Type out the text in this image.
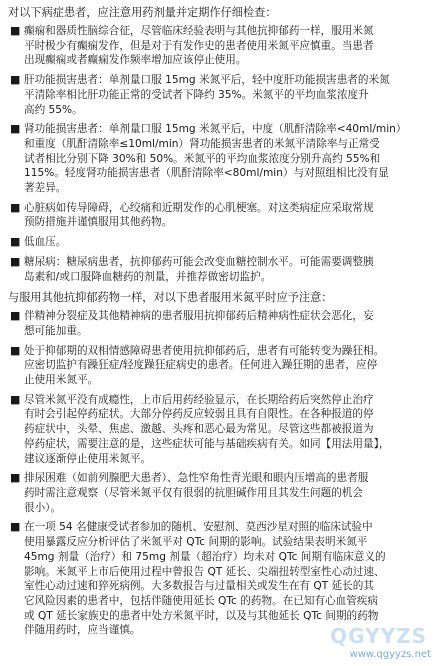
对以下病症患者，应注意用药剂量并定期作仔细检查：

■ 癫痫和器质性脑综合征，尽管临床经验表明与其他抗抑郁药一样，服用米氮
平时极少有癫痫发作，但是对于有发作史的患者使用米氮平应慎重。当患者
出现癫痫或者癫痫发作频率增加应该停止使用。
■ 肝功能损害患者：单剂量口服 15mg 米氮平后，轻中度肝功能损害患者的米氮
平清除率相比肝功能正常的受试者下降约 35%。米氮平的平均血浆浓度升
高约 55%。
■ 肾功能损害患者：单剂量口服 15mg 米氮平后，中度（肌酐清除率<40ml/min）
和重度（肌酐清除率≤10ml/min）肾功能损害患者的米氮平清除率与正常受
试者相比分别下降 30%和 50%。米氮平的平均血浆浓度分别升高约 55%和
115%。轻度肾功能损害患者（肌酐清除率<80ml/min）与对照组相比没有显
著差异。
■ 心脏病如传导障碍，心绞痛和近期发作的心肌梗塞。对这类病症应采取常规
预防措施并谨慎服用其他药物。
■ 低血压。
■ 糖尿病：糖尿病患者，抗抑郁药可能会改变血糖控制水平。可能需要调整胰
岛素和/或口服降血糖药的剂量，并推荐做密切监护。

与服用其他抗抑郁药物一样，对以下患者服用米氮平时应予注意：

■ 伴精神分裂症及其他精神病的患者服用抗抑郁药后精神病性症状会恶化，妄
想可能加重。
■ 处于抑郁期的双相情感障碍患者使用抗抑郁药后，患者有可能转变为躁狂相。
应密切监护有躁狂症/轻度躁狂症病史的患者。任何进入躁狂期的患者，应停
止使用米氮平。
■ 尽管米氮平没有成瘾性，上市后用药经验显示，在长期给药后突然停止治疗
有时会引起停药症状。大部分停药反应较弱且具有自限性。在各种报道的停
药症状中，头晕、焦虑、激越、头疼和恶心最为常见。尽管这些都被报道为
停药症状，需要注意的是，这些症状可能与基础疾病有关。如同【用法用量】，
建议逐渐停止使用米氮平。
■ 排尿困难（如前列腺肥大患者）、急性窄角性青光眼和眼内压增高的患者服
药时需注意观察（尽管米氮平仅有很弱的抗胆碱作用且其发生问题的机会
很小）。
■ 在一项 54 名健康受试者参加的随机、安慰剂、莫西沙星对照的临床试验中
使用暴露反应分析评估了米氮平对 QTc 间期的影响。试验结果表明米氮平
45mg 剂量（治疗）和 75mg 剂量（超治疗）均未对 QTc 间期有临床意义的
影响。米氮平上市后使用过程中曾报告 QT 延长、尖端扭转型室性心动过速、
室性心动过速和猝死病例。大多数报告与过量相关或发生在有 QT 延长的其
它风险因素的患者中，包括伴随使用延长 QTc 的药物。在已知有心血管疾病
或 QT 延长家族史的患者中处方米氮平时，以及与其他延长 QTc 间期的药物
伴随用药时，应当谨慎。	QGYYZS
www.qgyyzs.net
